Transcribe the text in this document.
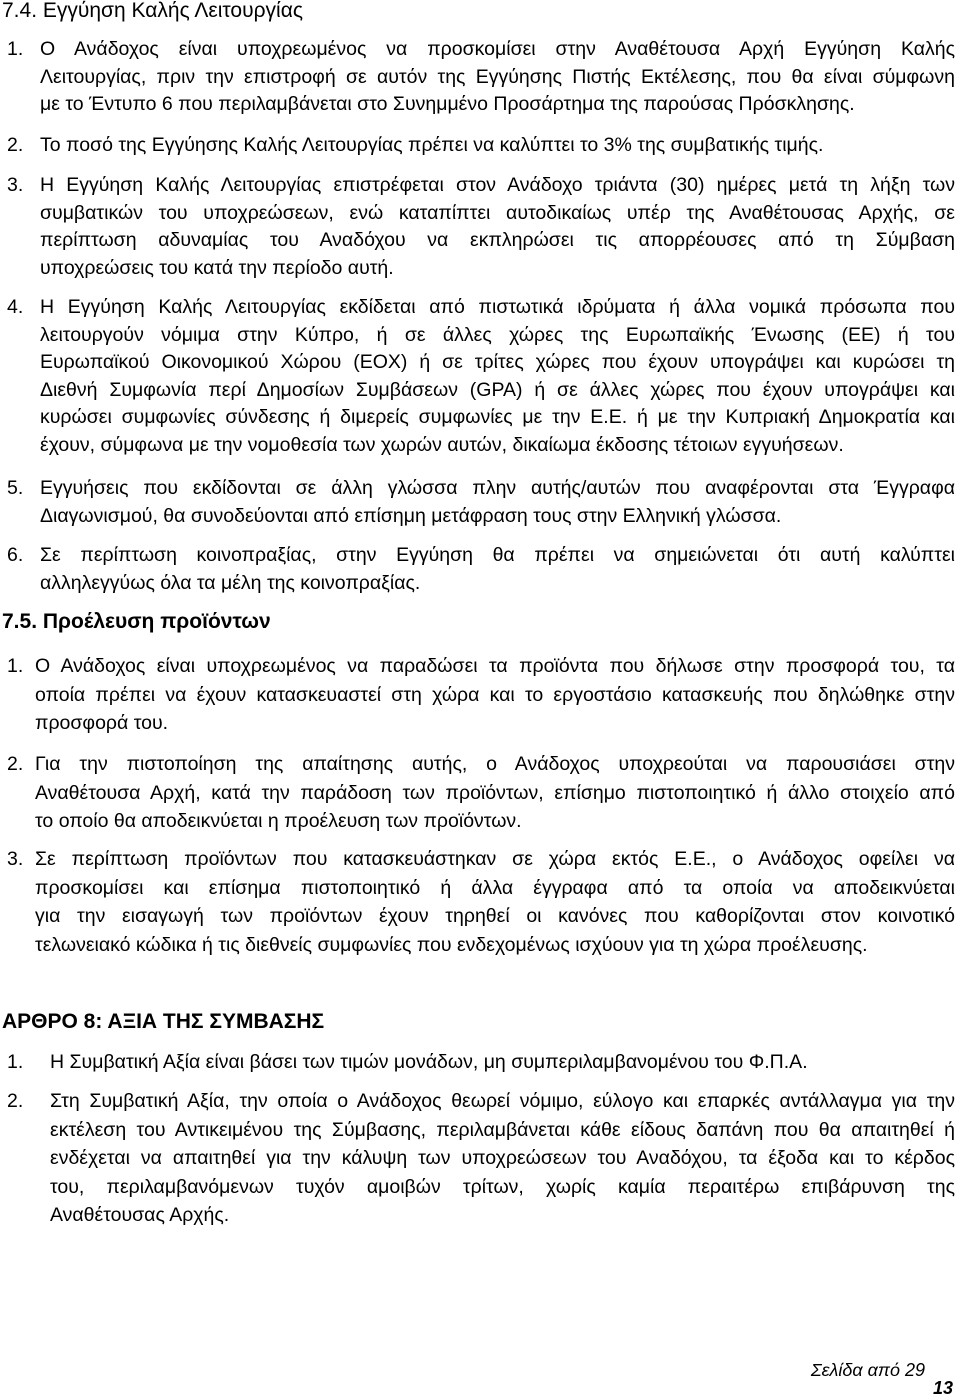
7.4. Εγγύηση Καλής Λειτουργίας
1. Ο Ανάδοχος είναι υποχρεωμένος να προσκομίσει στην Αναθέτουσα Αρχή Εγγύηση Καλής
Λειτουργίας, πριν την επιστροφή σε αυτόν της Εγγύησης Πιστής Εκτέλεσης, που θα είναι σύμφωνη
με το Έντυπο 6 που περιλαμβάνεται στο Συνημμένο Προσάρτημα της παρούσας Πρόσκλησης.
2. Το ποσό της Εγγύησης Καλής Λειτουργίας πρέπει να καλύπτει το 3% της συμβατικής τιμής.
3. Η Εγγύηση Καλής Λειτουργίας επιστρέφεται στον Ανάδοχο τριάντα (30) ημέρες μετά τη λήξη των
συμβατικών του υποχρεώσεων, ενώ καταπίπτει αυτοδικαίως υπέρ της Αναθέτουσας Αρχής, σε
περίπτωση αδυναμίας του Αναδόχου να εκπληρώσει τις απορρέουσες από τη Σύμβαση
υποχρεώσεις του κατά την περίοδο αυτή.
4. Η Εγγύηση Καλής Λειτουργίας εκδίδεται από πιστωτικά ιδρύματα ή άλλα νομικά πρόσωπα που
λειτουργούν νόμιμα στην Κύπρο, ή σε άλλες χώρες της Ευρωπαϊκής Ένωσης (ΕΕ) ή του
Ευρωπαϊκού Οικονομικού Χώρου (ΕΟΧ) ή σε τρίτες χώρες που έχουν υπογράψει και κυρώσει τη
Διεθνή Συμφωνία περί Δημοσίων Συμβάσεων (GPA) ή σε άλλες χώρες που έχουν υπογράψει και
κυρώσει συμφωνίες σύνδεσης ή διμερείς συμφωνίες με την Ε.Ε. ή με την Κυπριακή Δημοκρατία και
έχουν, σύμφωνα με την νομοθεσία των χωρών αυτών, δικαίωμα έκδοσης τέτοιων εγγυήσεων.
5. Εγγυήσεις που εκδίδονται σε άλλη γλώσσα πλην αυτής/αυτών που αναφέρονται στα Έγγραφα
Διαγωνισμού, θα συνοδεύονται από επίσημη μετάφραση τους στην Ελληνική γλώσσα.
6. Σε περίπτωση κοινοπραξίας, στην Εγγύηση θα πρέπει να σημειώνεται ότι αυτή καλύπτει
αλληλεγγύως όλα τα μέλη της κοινοπραξίας.
7.5. Προέλευση προϊόντων
1. Ο Ανάδοχος είναι υποχρεωμένος να παραδώσει τα προϊόντα που δήλωσε στην προσφορά του, τα
οποία πρέπει να έχουν κατασκευαστεί στη χώρα και το εργοστάσιο κατασκευής που δηλώθηκε στην
προσφορά του.
2. Για την πιστοποίηση της απαίτησης αυτής, ο Ανάδοχος υποχρεούται να παρουσιάσει στην
Αναθέτουσα Αρχή, κατά την παράδοση των προϊόντων, επίσημο πιστοποιητικό ή άλλο στοιχείο από
το οποίο θα αποδεικνύεται η προέλευση των προϊόντων.
3. Σε περίπτωση προϊόντων που κατασκευάστηκαν σε χώρα εκτός Ε.Ε., ο Ανάδοχος οφείλει να
προσκομίσει και επίσημα πιστοποιητικό ή άλλα έγγραφα από τα οποία να αποδεικνύεται
για την εισαγωγή των προϊόντων έχουν τηρηθεί οι κανόνες που καθορίζονται στον κοινοτικό
τελωνειακό κώδικα ή τις διεθνείς συμφωνίες που ενδεχομένως ισχύουν για τη χώρα προέλευσης.
ΑΡΘΡΟ 8: ΑΞΙΑ ΤΗΣ ΣΥΜΒΑΣΗΣ
1. Η Συμβατική Αξία είναι βάσει των τιμών μονάδων, μη συμπεριλαμβανομένου του Φ.Π.Α.
2. Στη Συμβατική Αξία, την οποία ο Ανάδοχος θεωρεί νόμιμο, εύλογο και επαρκές αντάλλαγμα για την
εκτέλεση του Αντικειμένου της Σύμβασης, περιλαμβάνεται κάθε είδους δαπάνη που θα απαιτηθεί ή
ενδέχεται να απαιτηθεί για την κάλυψη των υποχρεώσεων του Αναδόχου, τα έξοδα και το κέρδος
του, περιλαμβανόμενων τυχόν αμοιβών τρίτων, χωρίς καμία περαιτέρω επιβάρυνση της
Αναθέτουσας Αρχής.
Σελίδα από 29
13
